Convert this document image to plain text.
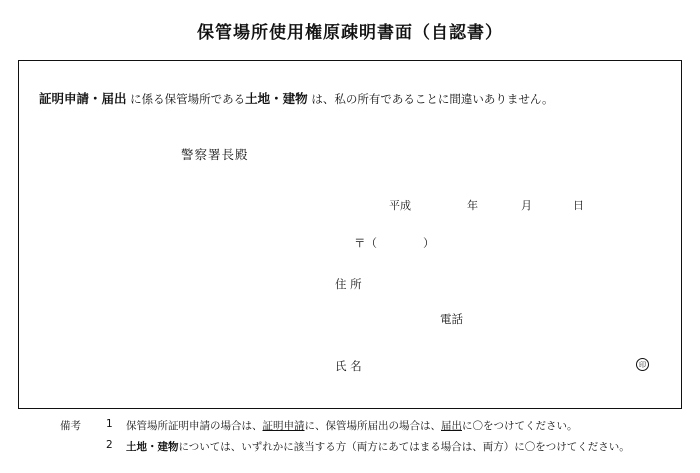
保管場所使用権原疎明書面（自認書）
証明申請・届出 に係る保管場所である土地・建物 は、私の所有であることに間違いありません。
警察署長殿
平成	年	月	日
〒（　　　　）
住 所
電話
氏 名	印
備考 1 保管場所証明申請の場合は、証明申請に、保管場所届出の場合は、届出に〇をつけてください。
2 土地・建物については、いずれかに該当する方（両方にあてはまる場合は、両方）に〇をつけてください。
